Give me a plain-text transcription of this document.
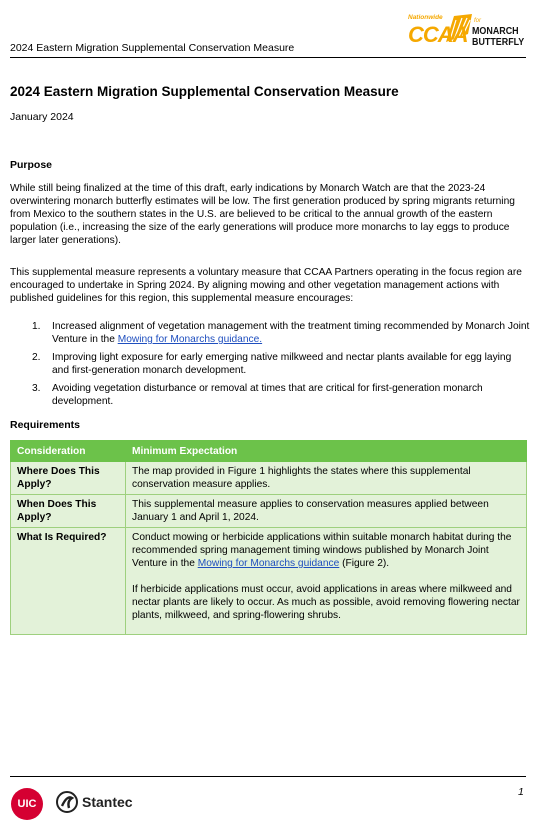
2024 Eastern Migration Supplemental Conservation Measure
Nationwide
CCAA
for
MONARCH
BUTTERFLY
2024 Eastern Migration Supplemental Conservation Measure
January 2024
Purpose
While still being finalized at the time of this draft, early indications by Monarch Watch are that the 2023-24 overwintering monarch butterfly estimates will be low. The first generation produced by spring migrants returning from Mexico to the southern states in the U.S. are believed to be critical to the annual growth of the eastern population (i.e., increasing the size of the early generations will produce more monarchs to lay eggs to produce larger later generations).
This supplemental measure represents a voluntary measure that CCAA Partners operating in the focus region are encouraged to undertake in Spring 2024. By aligning mowing and other vegetation management actions with published guidelines for this region, this supplemental measure encourages:
1. Increased alignment of vegetation management with the treatment timing recommended by Monarch Joint Venture in the Mowing for Monarchs guidance.
2. Improving light exposure for early emerging native milkweed and nectar plants available for egg laying and first-generation monarch development.
3. Avoiding vegetation disturbance or removal at times that are critical for first-generation monarch development.
Requirements
Consideration	Minimum Expectation
Where Does This Apply?	The map provided in Figure 1 highlights the states where this supplemental conservation measure applies.
When Does This Apply?	This supplemental measure applies to conservation measures applied between January 1 and April 1, 2024.
What Is Required?	Conduct mowing or herbicide applications within suitable monarch habitat during the recommended spring management timing windows published by Monarch Joint Venture in the Mowing for Monarchs guidance (Figure 2).

If herbicide applications must occur, avoid applications in areas where milkweed and nectar plants are likely to occur. As much as possible, avoid removing flowering nectar plants, milkweed, and spring-flowering shrubs.

1
UIC	Stantec
